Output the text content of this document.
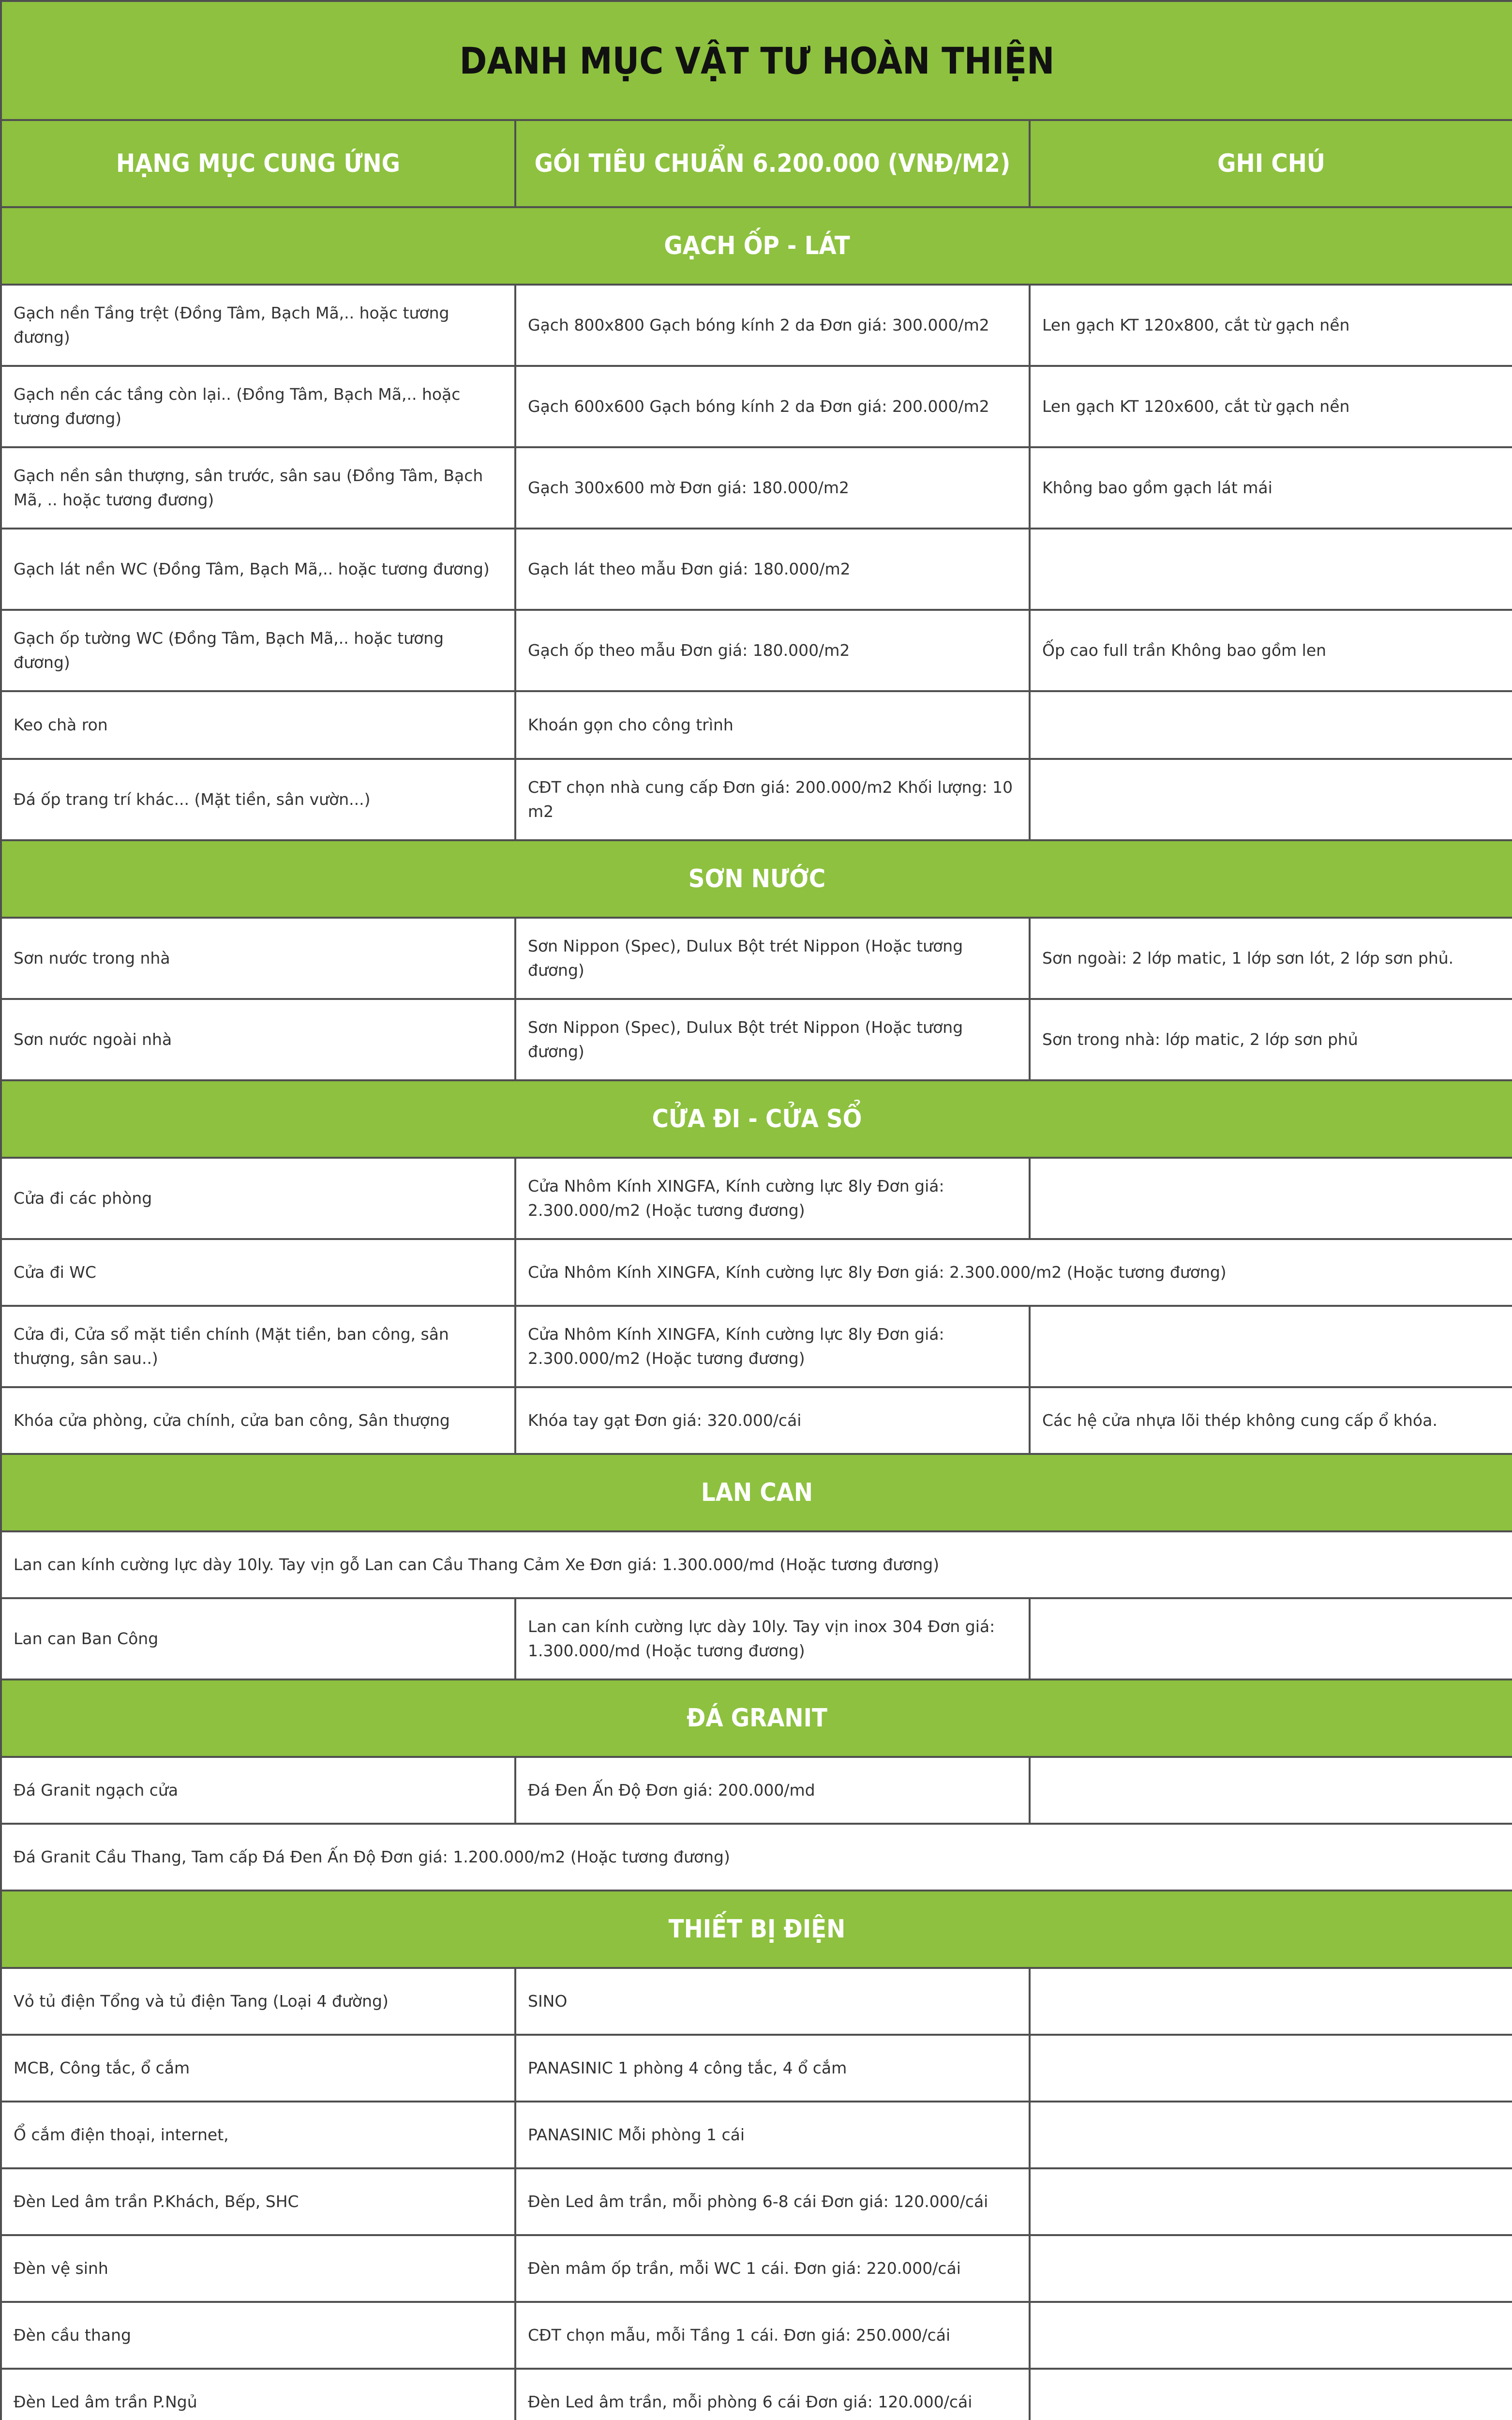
DANH MỤC VẬT TƯ HOÀN THIỆN		
HẠNG MỤC CUNG ỨNG	GÓI TIÊU CHUẨN 6.200.000 (VNĐ/M2)	GHI CHÚ
GẠCH ỐP - LÁT		
Gạch nền Tầng trệt (Đồng Tâm, Bạch Mã,.. hoặc tương đương)	Gạch 800x800 Gạch bóng kính 2 da Đơn giá: 300.000/m2	Len gạch KT 120x800, cắt từ gạch nền
Gạch nền các tầng còn lại.. (Đồng Tâm, Bạch Mã,.. hoặc tương đương)	Gạch 600x600 Gạch bóng kính 2 da Đơn giá: 200.000/m2	Len gạch KT 120x600, cắt từ gạch nền
Gạch nền sân thượng, sân trước, sân sau (Đồng Tâm, Bạch Mã, .. hoặc tương đương)	Gạch 300x600 mờ Đơn giá: 180.000/m2	Không bao gồm gạch lát mái
Gạch lát nền WC (Đồng Tâm, Bạch Mã,.. hoặc tương đương)	Gạch lát theo mẫu Đơn giá: 180.000/m2	
Gạch ốp tường WC (Đồng Tâm, Bạch Mã,.. hoặc tương đương)	Gạch ốp theo mẫu Đơn giá: 180.000/m2	Ốp cao full trần Không bao gồm len
Keo chà ron	Khoán gọn cho công trình	
Đá ốp trang trí khác... (Mặt tiền, sân vườn...)	CĐT chọn nhà cung cấp Đơn giá: 200.000/m2 Khối lượng: 10 m2	
SƠN NƯỚC		
Sơn nước trong nhà	Sơn Nippon (Spec), Dulux Bột trét Nippon (Hoặc tương đương)	Sơn ngoài: 2 lớp matic, 1 lớp sơn lót, 2 lớp sơn phủ.
Sơn nước ngoài nhà	Sơn Nippon (Spec), Dulux Bột trét Nippon (Hoặc tương đương)	Sơn trong nhà: lớp matic, 2 lớp sơn phủ
CỬA ĐI - CỬA SỔ		
Cửa đi các phòng	Cửa Nhôm Kính XINGFA, Kính cường lực 8ly Đơn giá: 2.300.000/m2 (Hoặc tương đương)	
Cửa đi WC	Cửa Nhôm Kính XINGFA, Kính cường lực 8ly Đơn giá: 2.300.000/m2 (Hoặc tương đương)	
Cửa đi, Cửa sổ mặt tiền chính (Mặt tiền, ban công, sân thượng, sân sau..)	Cửa Nhôm Kính XINGFA, Kính cường lực 8ly Đơn giá: 2.300.000/m2 (Hoặc tương đương)	
Khóa cửa phòng, cửa chính, cửa ban công, Sân thượng	Khóa tay gạt Đơn giá: 320.000/cái	Các hệ cửa nhựa lõi thép không cung cấp ổ khóa.
LAN CAN		
Lan can kính cường lực dày 10ly. Tay vịn gỗ Lan can Cầu Thang Cảm Xe Đơn giá: 1.300.000/md (Hoặc tương đương)		
Lan can Ban Công	Lan can kính cường lực dày 10ly. Tay vịn inox 304 Đơn giá: 1.300.000/md (Hoặc tương đương)	
ĐÁ GRANIT		
Đá Granit ngạch cửa	Đá Đen Ấn Độ Đơn giá: 200.000/md	
Đá Granit Cầu Thang, Tam cấp Đá Đen Ấn Độ Đơn giá: 1.200.000/m2 (Hoặc tương đương)		
THIẾT BỊ ĐIỆN		
Vỏ tủ điện Tổng và tủ điện Tang (Loại 4 đường)	SINO	
MCB, Công tắc, ổ cắm	PANASINIC 1 phòng 4 công tắc, 4 ổ cắm	
Ổ cắm điện thoại, internet,	PANASINIC Mỗi phòng 1 cái	
Đèn Led âm trần P.Khách, Bếp, SHC	Đèn Led âm trần, mỗi phòng 6-8 cái Đơn giá: 120.000/cái	
Đèn vệ sinh	Đèn mâm ốp trần, mỗi WC 1 cái. Đơn giá: 220.000/cái	
Đèn cầu thang	CĐT chọn mẫu, mỗi Tầng 1 cái. Đơn giá: 250.000/cái	
Đèn Led âm trần P.Ngủ	Đèn Led âm trần, mỗi phòng 6 cái Đơn giá: 120.000/cái	
